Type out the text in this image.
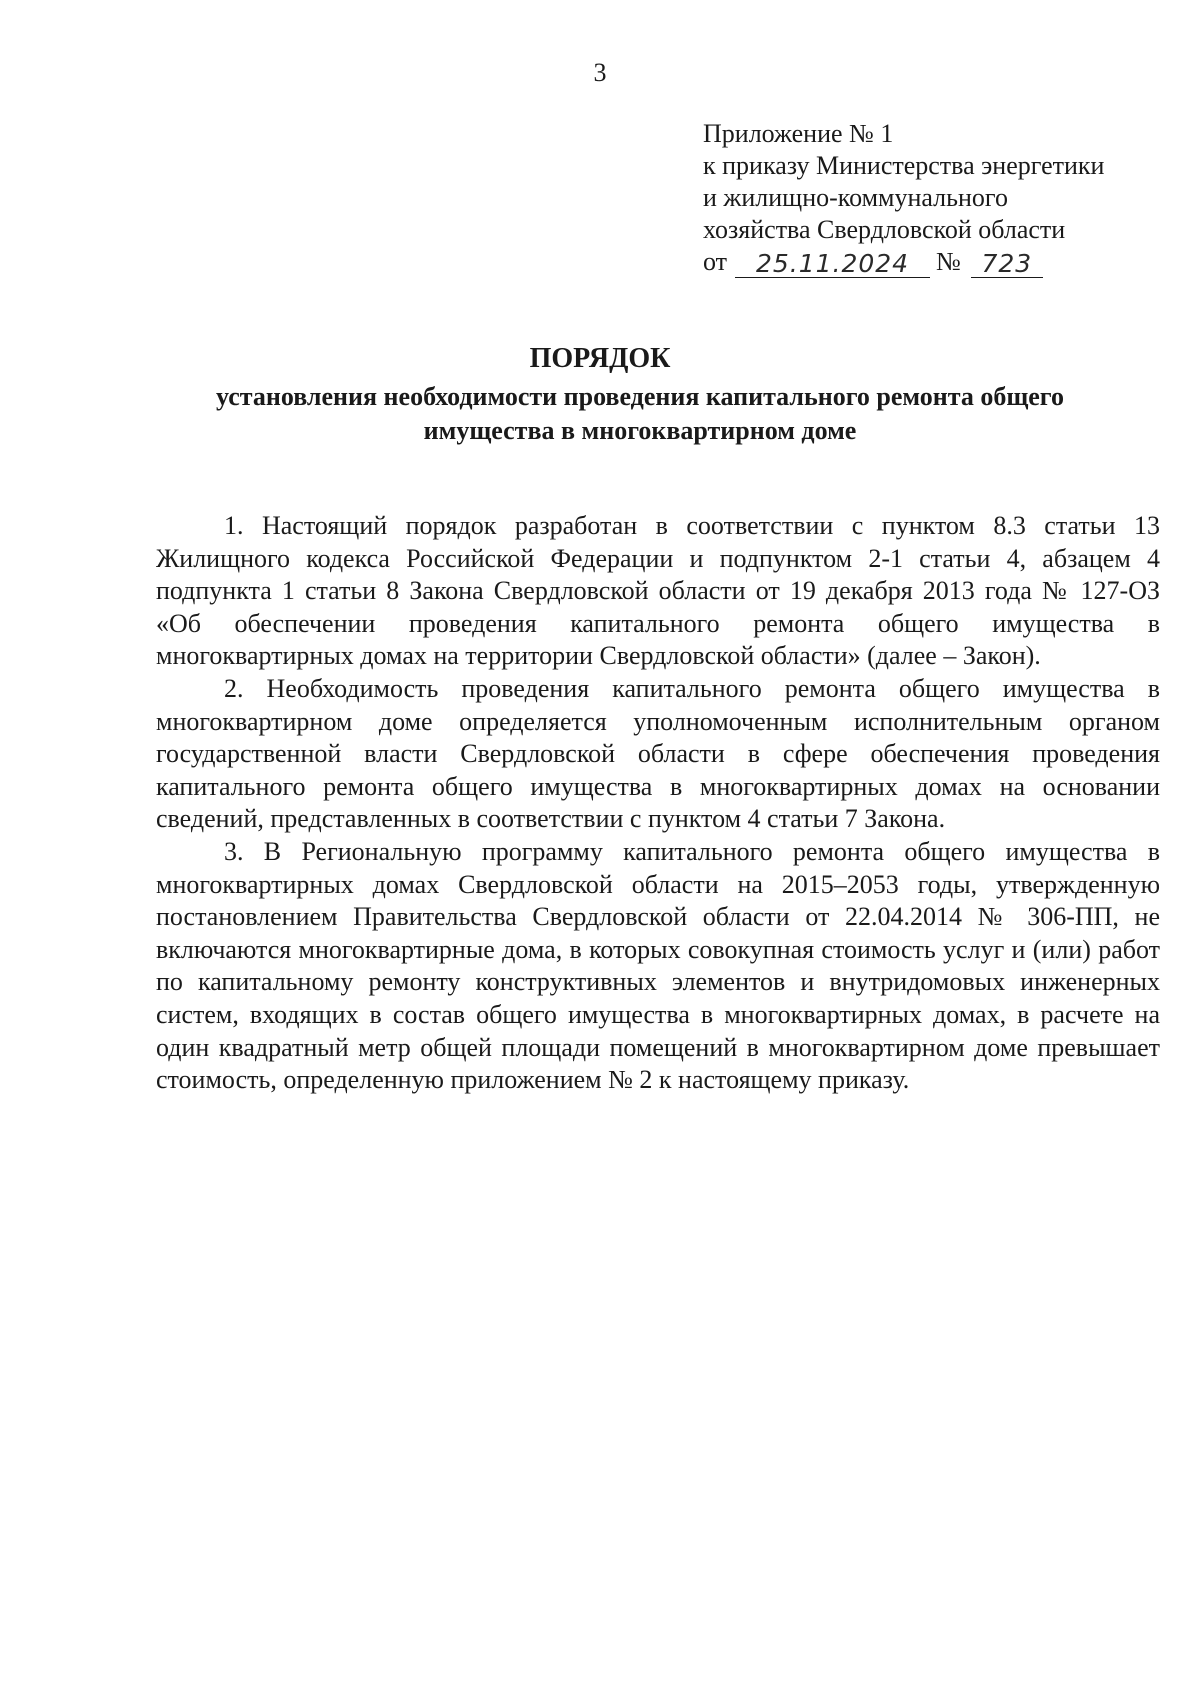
3
Приложение № 1
к приказу Министерства энергетики
и жилищно-коммунального
хозяйства Свердловской области
от	25.11.2024	№ 723
ПОРЯДОК
установления необходимости проведения капитального ремонта общего имущества в многоквартирном доме

1. Настоящий порядок разработан в соответствии с пунктом 8.3 статьи 13 Жилищного кодекса Российской Федерации и подпунктом 2-1 статьи 4, абзацем 4 подпункта 1 статьи 8 Закона Свердловской области от 19 декабря 2013 года № 127-ОЗ «Об обеспечении проведения капитального ремонта общего имущества в многоквартирных домах на территории Свердловской области» (далее – Закон).

2. Необходимость проведения капитального ремонта общего имущества в многоквартирном доме определяется уполномоченным исполнительным органом государственной власти Свердловской области в сфере обеспечения проведения капитального ремонта общего имущества в многоквартирных домах на основании сведений, представленных в соответствии с пунктом 4 статьи 7 Закона.

3. В Региональную программу капитального ремонта общего имущества в многоквартирных домах Свердловской области на 2015–2053 годы, утвержденную постановлением Правительства Свердловской области от 22.04.2014 № 306-ПП, не включаются многоквартирные дома, в которых совокупная стоимость услуг и (или) работ по капитальному ремонту конструктивных элементов и внутридомовых инженерных систем, входящих в состав общего имущества в многоквартирных домах, в расчете на один квадратный метр общей площади помещений в многоквартирном доме превышает стоимость, определенную приложением № 2 к настоящему приказу.
